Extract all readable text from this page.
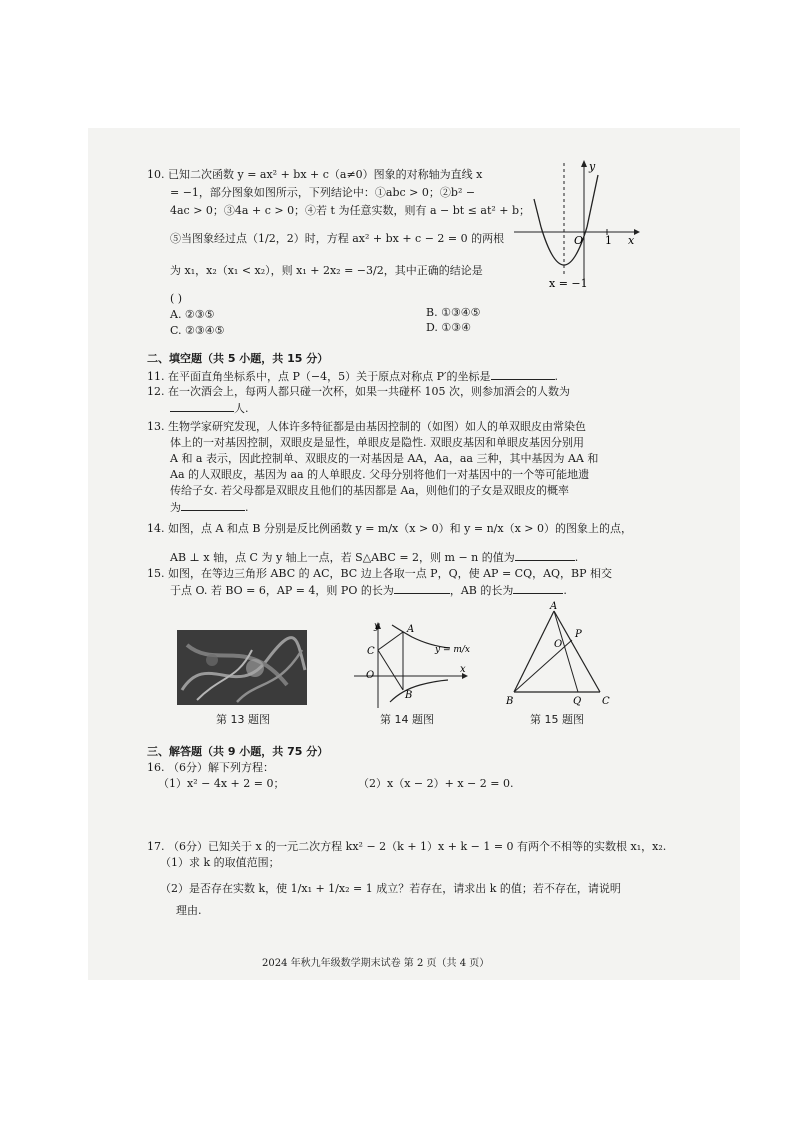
10. 已知二次函数 y = ax² + bx + c（a≠0）图象的对称轴为直线 x
= −1，部分图象如图所示，下列结论中：①abc > 0；②b² −
4ac > 0；③4a + c > 0；④若 t 为任意实数，则有 a − bt ≤ at² + b；
⑤当图象经过点（1/2，2）时，方程 ax² + bx + c − 2 = 0 的两根
为 x₁，x₂（x₁ < x₂），则 x₁ + 2x₂ = −3/2，其中正确的结论是
( )
A. ②③⑤	B. ①③④⑤
C. ②③④⑤	D. ①③④
y
x
O 1
x = −1
二、填空题（共 5 小题，共 15 分）
11. 在平面直角坐标系中，点 P（−4，5）关于原点对称点 P′的坐标是	.
12. 在一次酒会上，每两人都只碰一次杯，如果一共碰杯 105 次，则参加酒会的人数为
人.
13. 生物学家研究发现，人体许多特征都是由基因控制的（如图）如人的单双眼皮由常染色
体上的一对基因控制，双眼皮是显性，单眼皮是隐性. 双眼皮基因和单眼皮基因分别用
A 和 a 表示，因此控制单、双眼皮的一对基因是 AA，Aa，aa 三种，其中基因为 AA 和
Aa 的人双眼皮，基因为 aa 的人单眼皮. 父母分别将他们一对基因中的一个等可能地遗
传给子女. 若父母都是双眼皮且他们的基因都是 Aa，则他们的子女是双眼皮的概率
为	.
14. 如图，点 A 和点 B 分别是反比例函数 y = m/x（x > 0）和 y = n/x（x > 0）的图象上的点，
AB ⊥ x 轴，点 C 为 y 轴上一点，若 S△ABC = 2，则 m − n 的值为	.
15. 如图，在等边三角形 ABC 的 AC，BC 边上各取一点 P，Q，使 AP = CQ，AQ，BP 相交
于点 O. 若 BO = 6，AP = 4，则 PO 的长为	，AB 的长为	.
y
x
O
A
B
C	y = m/x
A
B	C
O
P
Q
第 13 题图	第 14 题图	第 15 题图
三、解答题（共 9 小题，共 75 分）
16. （6分）解下列方程：
（1）x² − 4x + 2 = 0；	（2）x（x − 2）+ x − 2 = 0.
17. （6分）已知关于 x 的一元二次方程 kx² − 2（k + 1）x + k − 1 = 0 有两个不相等的实数根 x₁，x₂.
（1）求 k 的取值范围；
（2）是否存在实数 k，使 1/x₁ + 1/x₂ = 1 成立？若存在，请求出 k 的值；若不存在，请说明
理由.
2024 年秋九年级数学期末试卷 第 2 页（共 4 页）
